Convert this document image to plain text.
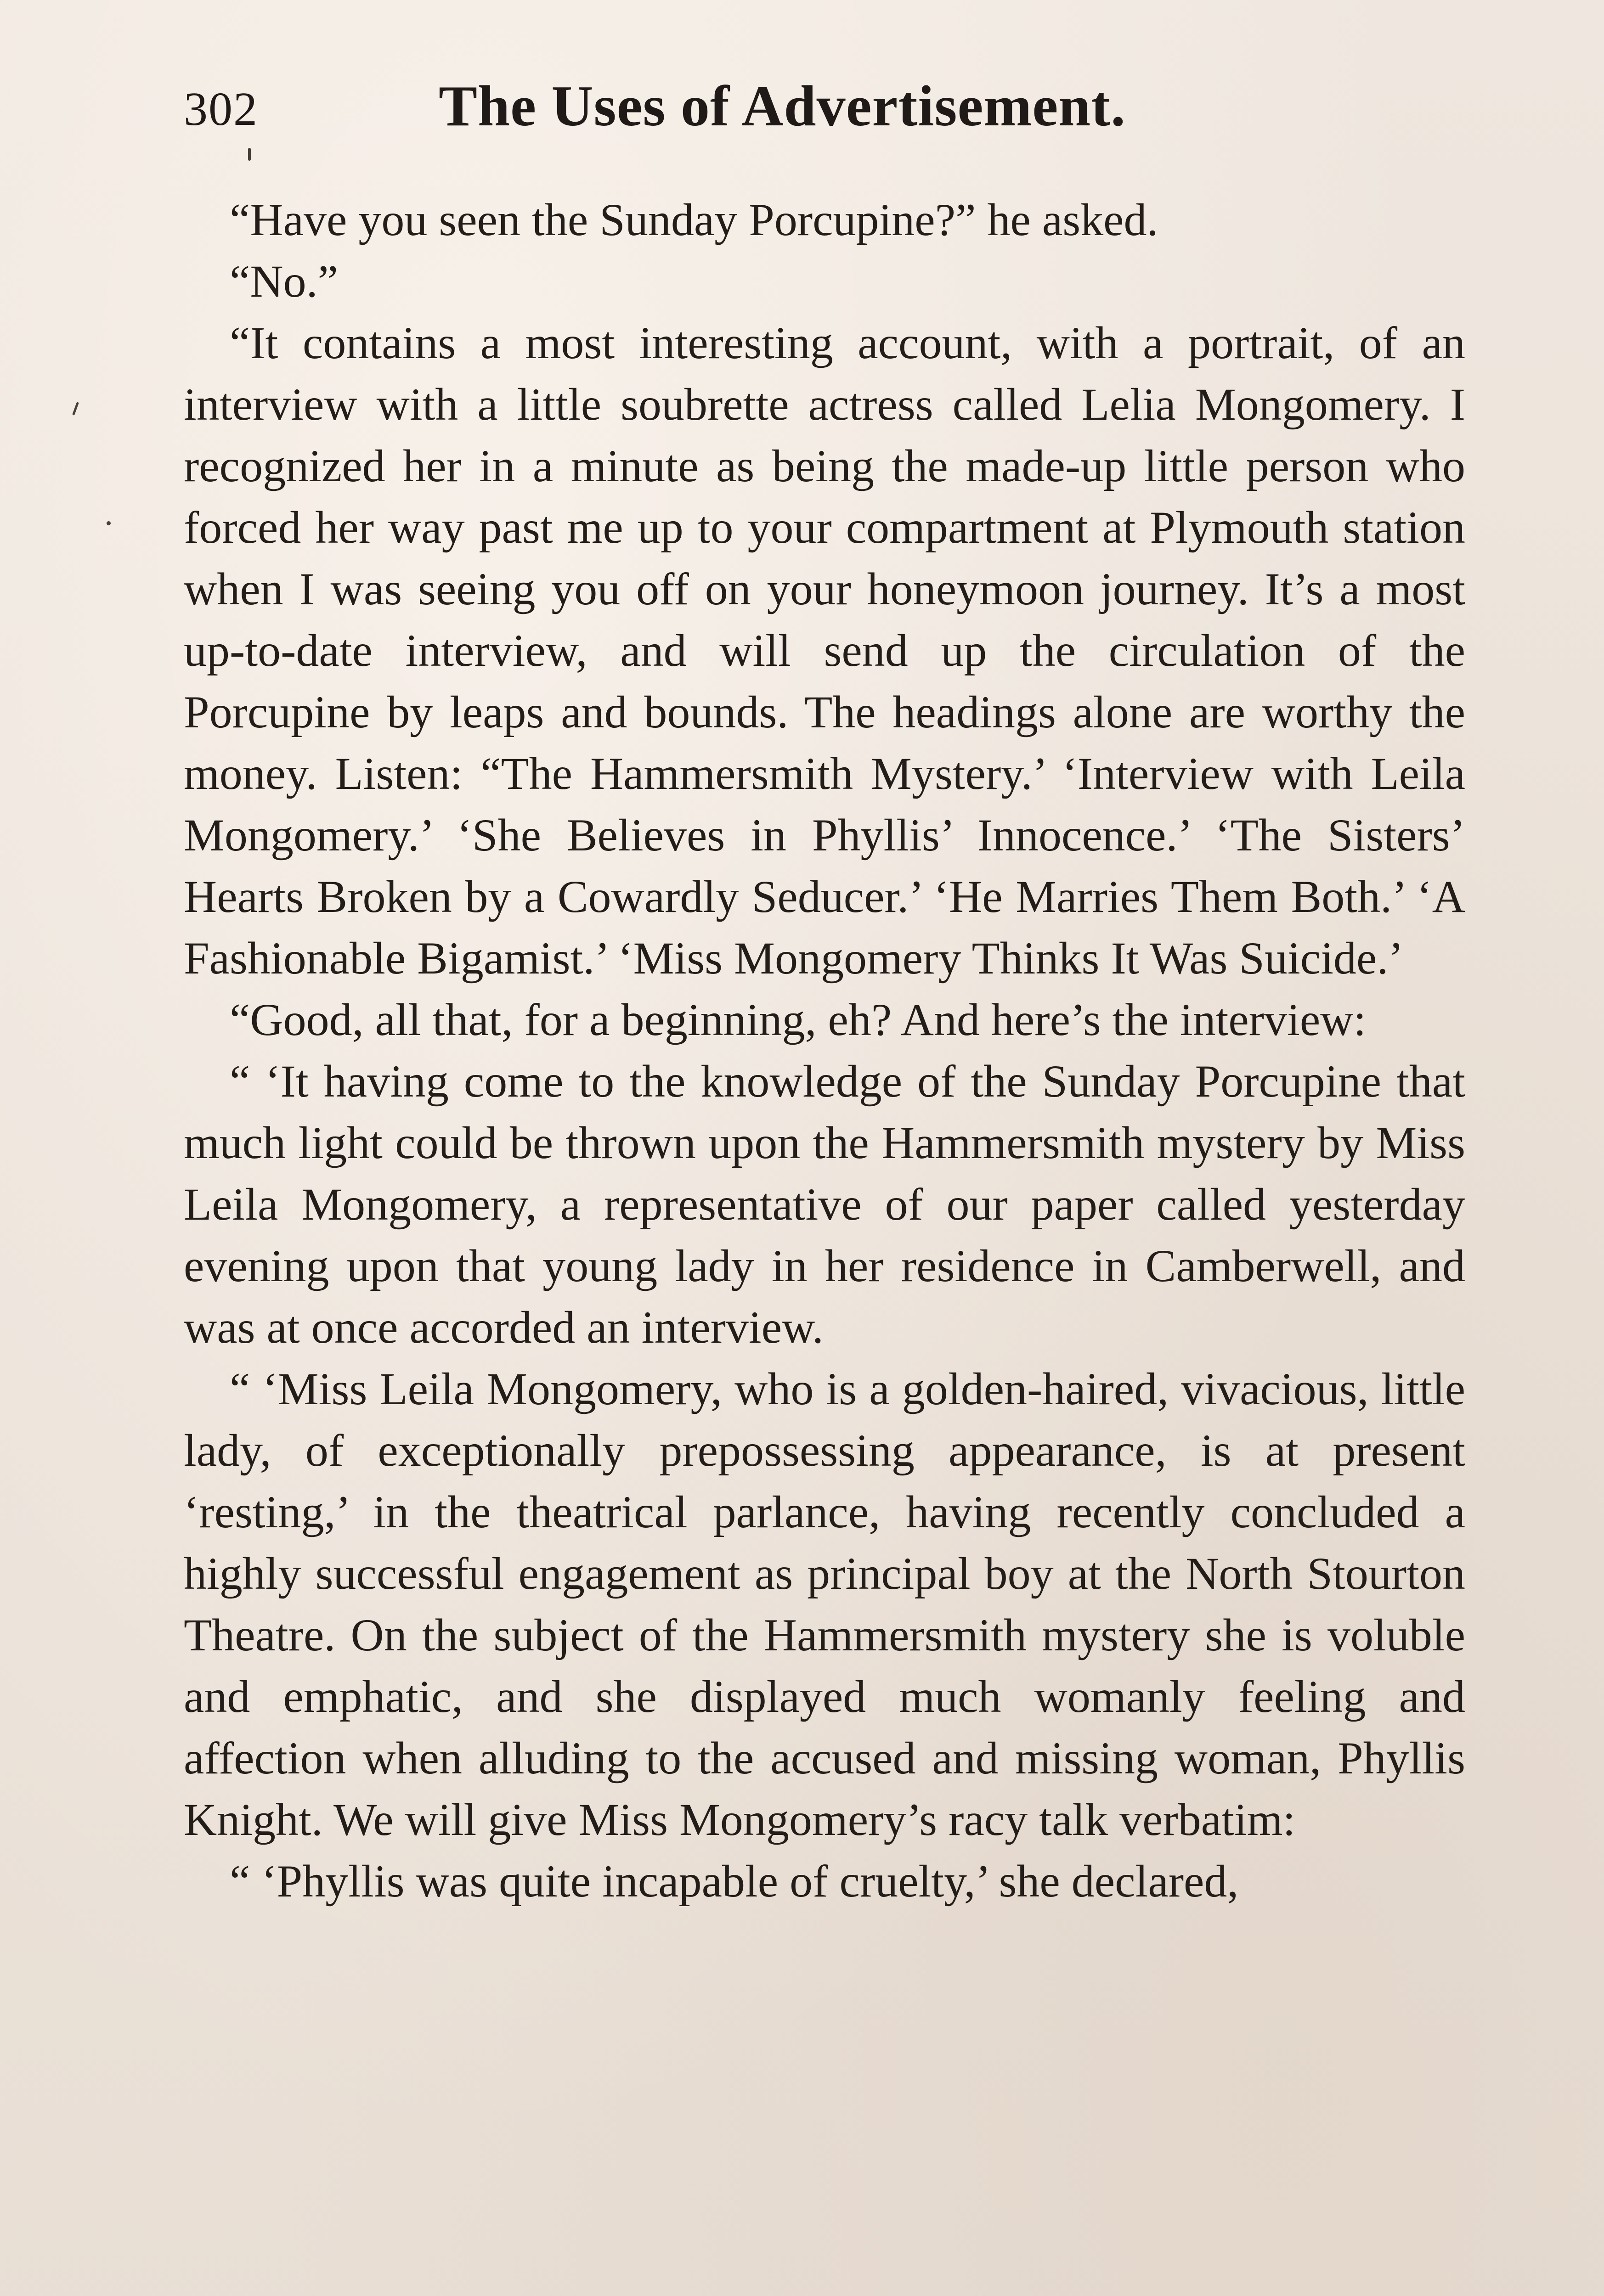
302	The Uses of Advertisement.

“Have you seen the Sunday Porcupine?” he asked.

“No.”

“It contains a most interesting account, with a portrait, of an interview with a little soubrette actress called Lelia Mongomery. I recognized her in a minute as being the made-up little person who forced her way past me up to your compartment at Plymouth station when I was seeing you off on your honeymoon journey. It’s a most up-to-date interview, and will send up the circulation of the Porcupine by leaps and bounds. The headings alone are worthy the money. Listen: “The Hammersmith Mystery.’ ‘Interview with Leila Mongomery.’ ‘She Believes in Phyllis’ Innocence.’ ‘The Sisters’ Hearts Broken by a Cowardly Seducer.’ ‘He Marries Them Both.’ ‘A Fashionable Bigamist.’ ‘Miss Mongomery Thinks It Was Suicide.’

“Good, all that, for a beginning, eh? And here’s the interview:

“ ‘It having come to the knowledge of the Sunday Porcupine that much light could be thrown upon the Hammersmith mystery by Miss Leila Mongomery, a representative of our paper called yesterday evening upon that young lady in her residence in Camberwell, and was at once accorded an interview.

“ ‘Miss Leila Mongomery, who is a golden-haired, vivacious, little lady, of exceptionally prepossessing appearance, is at present ‘resting,’ in the theatrical parlance, having recently concluded a highly successful engagement as principal boy at the North Stourton Theatre. On the subject of the Hammersmith mystery she is voluble and emphatic, and she displayed much womanly feeling and affection when alluding to the accused and missing woman, Phyllis Knight. We will give Miss Mongomery’s racy talk verbatim:

“ ‘Phyllis was quite incapable of cruelty,’ she declared,
